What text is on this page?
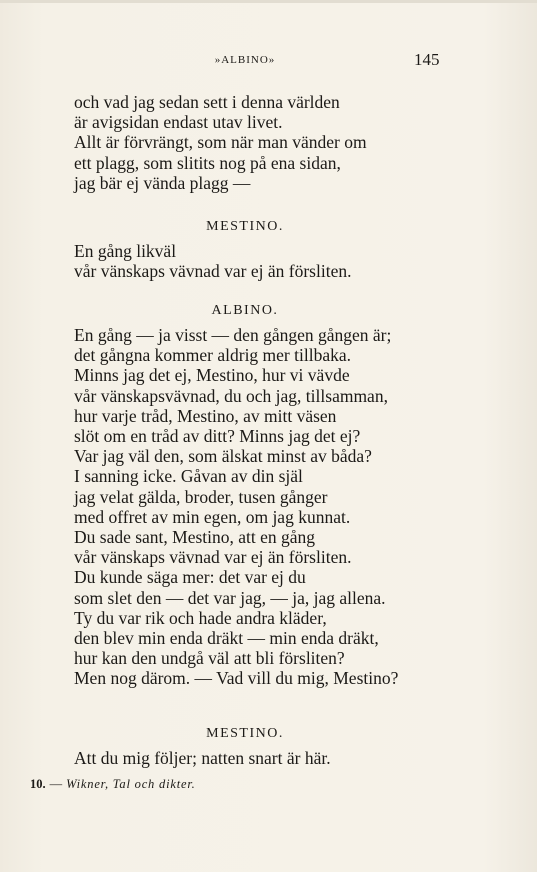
»ALBINO»	145
och vad jag sedan sett i denna världen
är avigsidan endast utav livet.
Allt är förvrängt, som när man vänder om
ett plagg, som slitits nog på ena sidan,
jag bär ej vända plagg —
MESTINO.
En gång likväl
vår vänskaps vävnad var ej än försliten.
ALBINO.
En gång — ja visst — den gången gången är;
det gångna kommer aldrig mer tillbaka.
Minns jag det ej, Mestino, hur vi vävde
vår vänskapsvävnad, du och jag, tillsamman,
hur varje tråd, Mestino, av mitt väsen
slöt om en tråd av ditt? Minns jag det ej?
Var jag väl den, som älskat minst av båda?
I sanning icke. Gåvan av din själ
jag velat gälda, broder, tusen gånger
med offret av min egen, om jag kunnat.
Du sade sant, Mestino, att en gång
vår vänskaps vävnad var ej än försliten.
Du kunde säga mer: det var ej du
som slet den — det var jag, — ja, jag allena.
Ty du var rik och hade andra kläder,
den blev min enda dräkt — min enda dräkt,
hur kan den undgå väl att bli försliten?
Men nog därom. — Vad vill du mig, Mestino?
MESTINO.
Att du mig följer; natten snart är här.
10. — Wikner, Tal och dikter.
